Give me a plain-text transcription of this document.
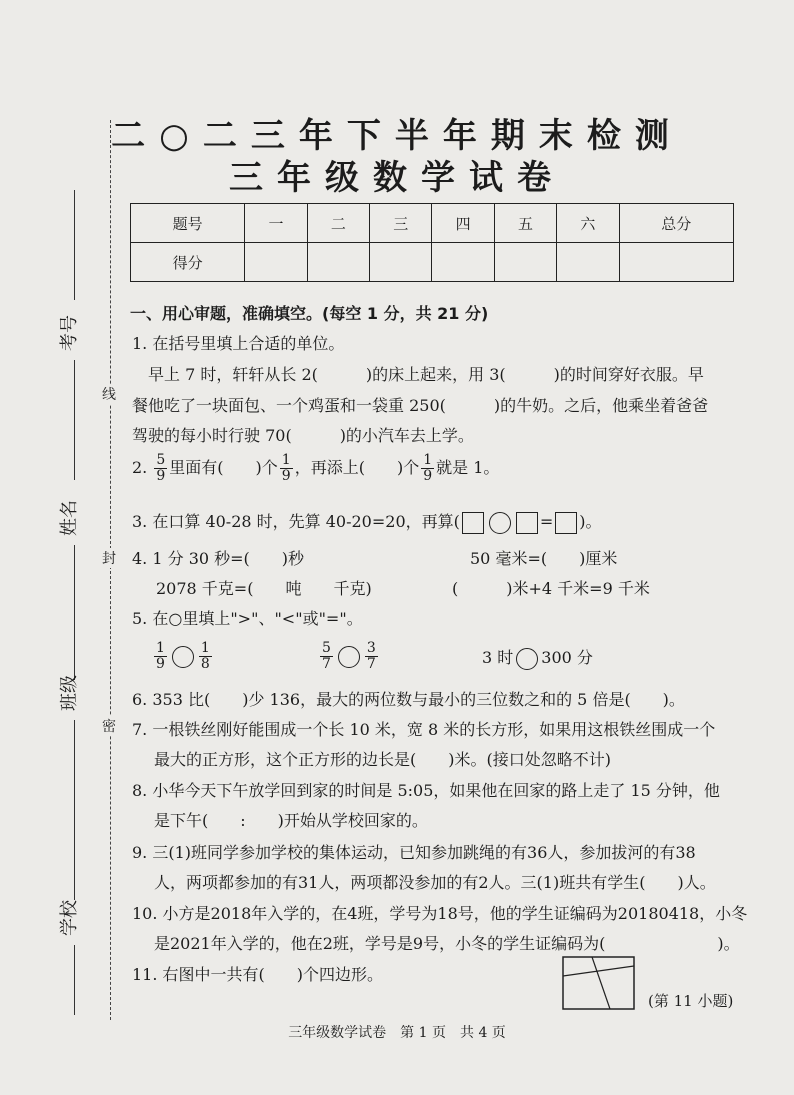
考号
姓名
班级
学校
线
封
密
二○二三年下半年期末检测
三年级数学试卷
题号	一	二	三	四	五	六	总分
得分							
一、用心审题，准确填空。(每空 1 分，共 21 分)
1. 在括号里填上合适的单位。
早上 7 时，轩轩从长 2(　　　)的床上起来，用 3(　　　)的时间穿好衣服。早
餐他吃了一块面包、一个鸡蛋和一袋重 250(　　　)的牛奶。之后，他乘坐着爸爸
驾驶的每小时行驶 70(　　　)的小汽车去上学。
2. $\frac{5}{9}$ 里面有(　　)个 $\frac{1}{9}$ ，再添上(　　)个 $\frac{1}{9}$ 就是 1。
3. 在口算 40-28 时，先算 40-20=20，再算(	= )。
4. 1 分 30 秒=(　　)秒	50 毫米=(　　)厘米
2078 千克=(　　吨　　千克)	(　　　)米+4 千米=9 千米
5. 在○里填上">"、"<"或"="。
$\frac{1}{9} \frac{1}{8}$	$\frac{5}{7} \frac{3}{7}$	3 时 300 分
6. 353 比(　　)少 136，最大的两位数与最小的三位数之和的 5 倍是(　　)。
7. 一根铁丝刚好能围成一个长 10 米，宽 8 米的长方形，如果用这根铁丝围成一个
最大的正方形，这个正方形的边长是(　　)米。(接口处忽略不计)
8. 小华今天下午放学回到家的时间是 5:05，如果他在回家的路上走了 15 分钟，他
是下午(　　:　　)开始从学校回家的。
9. 三(1)班同学参加学校的集体运动，已知参加跳绳的有36人，参加拔河的有38
人，两项都参加的有31人，两项都没参加的有2人。三(1)班共有学生(　　)人。
10. 小方是2018年入学的，在4班，学号为18号，他的学生证编码为20180418，小冬
是2021年入学的，他在2班，学号是9号，小冬的学生证编码为(　　　　　　　)。
11. 右图中一共有(　　)个四边形。
(第 11 小题)
三年级数学试卷　第 1 页　共 4 页
